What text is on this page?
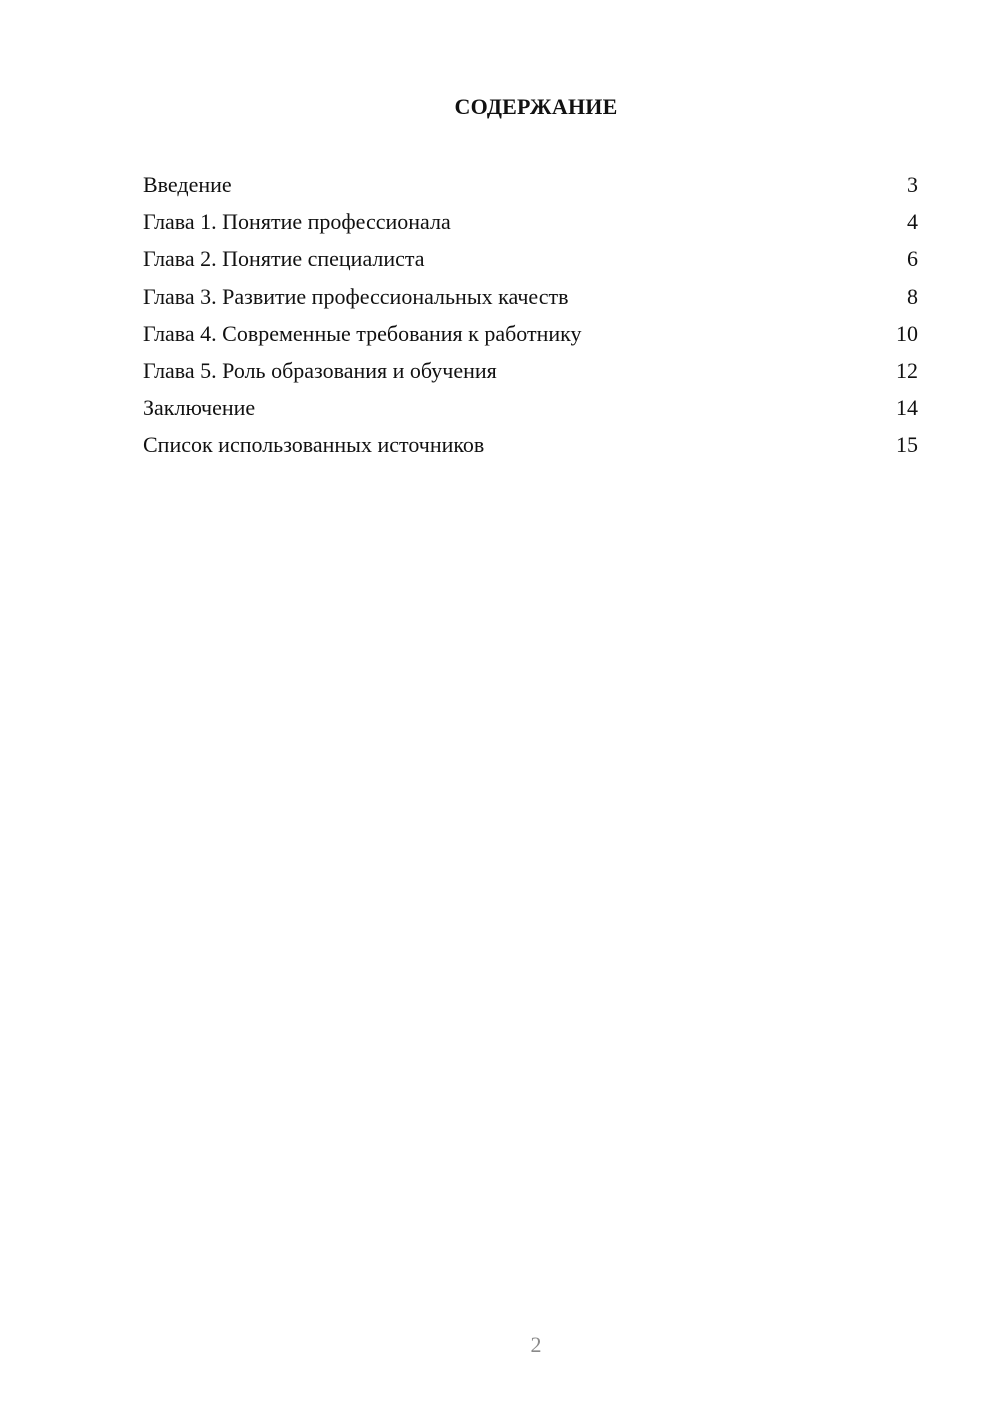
СОДЕРЖАНИЕ
Введение	3
Глава 1. Понятие профессионала	4
Глава 2. Понятие специалиста	6
Глава 3. Развитие профессиональных качеств	8
Глава 4. Современные требования к работнику	10
Глава 5. Роль образования и обучения	12
Заключение	14
Список использованных источников	15
2
